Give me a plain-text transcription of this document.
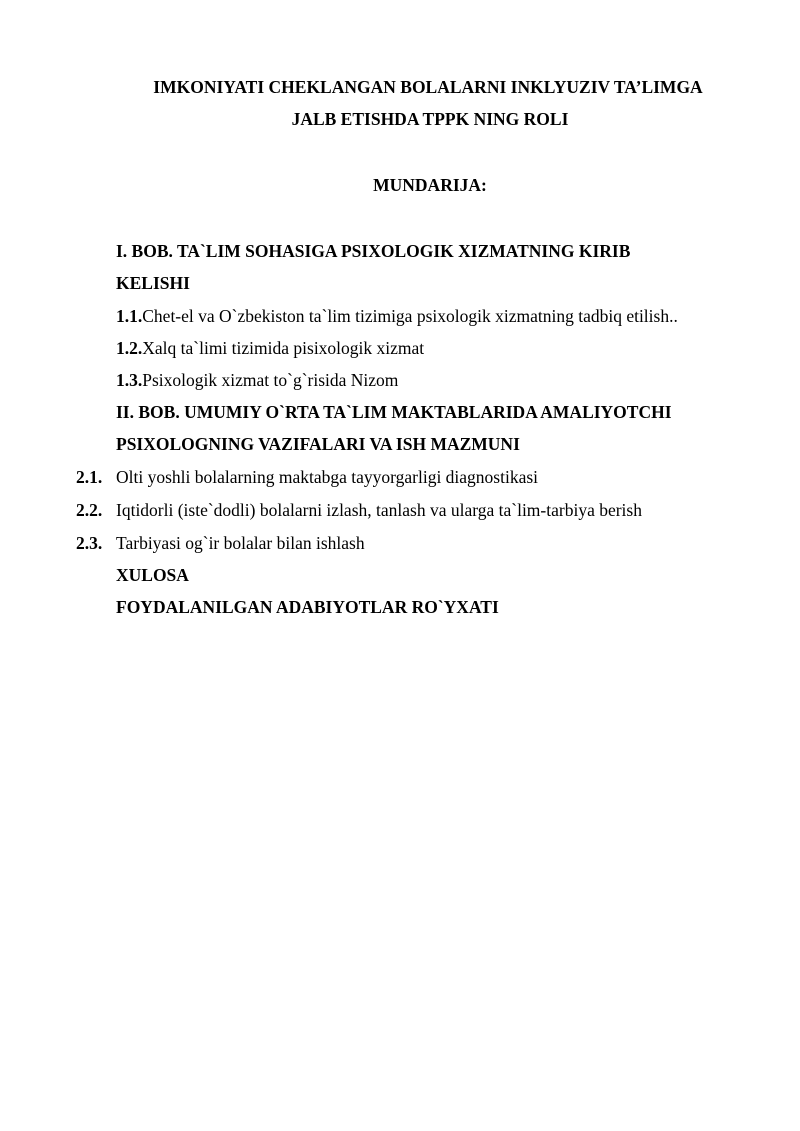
IMKONIYATI CHEKLANGAN BOLALARNI INKLYUZIV TA’LIMGA
JALB ETISHDA TPPK NING ROLI
MUNDARIJA:
I. BOB. TA`LIM SOHASIGA PSIXOLOGIK XIZMATNING KIRIB
KELISHI
1.1.Chet-el va O`zbekiston ta`lim tizimiga psixologik xizmatning tadbiq etilish..
1.2.Xalq ta`limi tizimida pisixologik xizmat
1.3.Psixologik xizmat to`g`risida Nizom
II. BOB. UMUMIY O`RTA TA`LIM MAKTABLARIDA AMALIYOTCHI
PSIXOLOGNING VAZIFALARI VA ISH MAZMUNI
2.1. Olti yoshli bolalarning maktabga tayyorgarligi diagnostikasi
2.2. Iqtidorli (iste`dodli) bolalarni izlash, tanlash va ularga ta`lim-tarbiya berish
2.3. Tarbiyasi og`ir bolalar bilan ishlash
XULOSA
FOYDALANILGAN ADABIYOTLAR RO`YXATI
